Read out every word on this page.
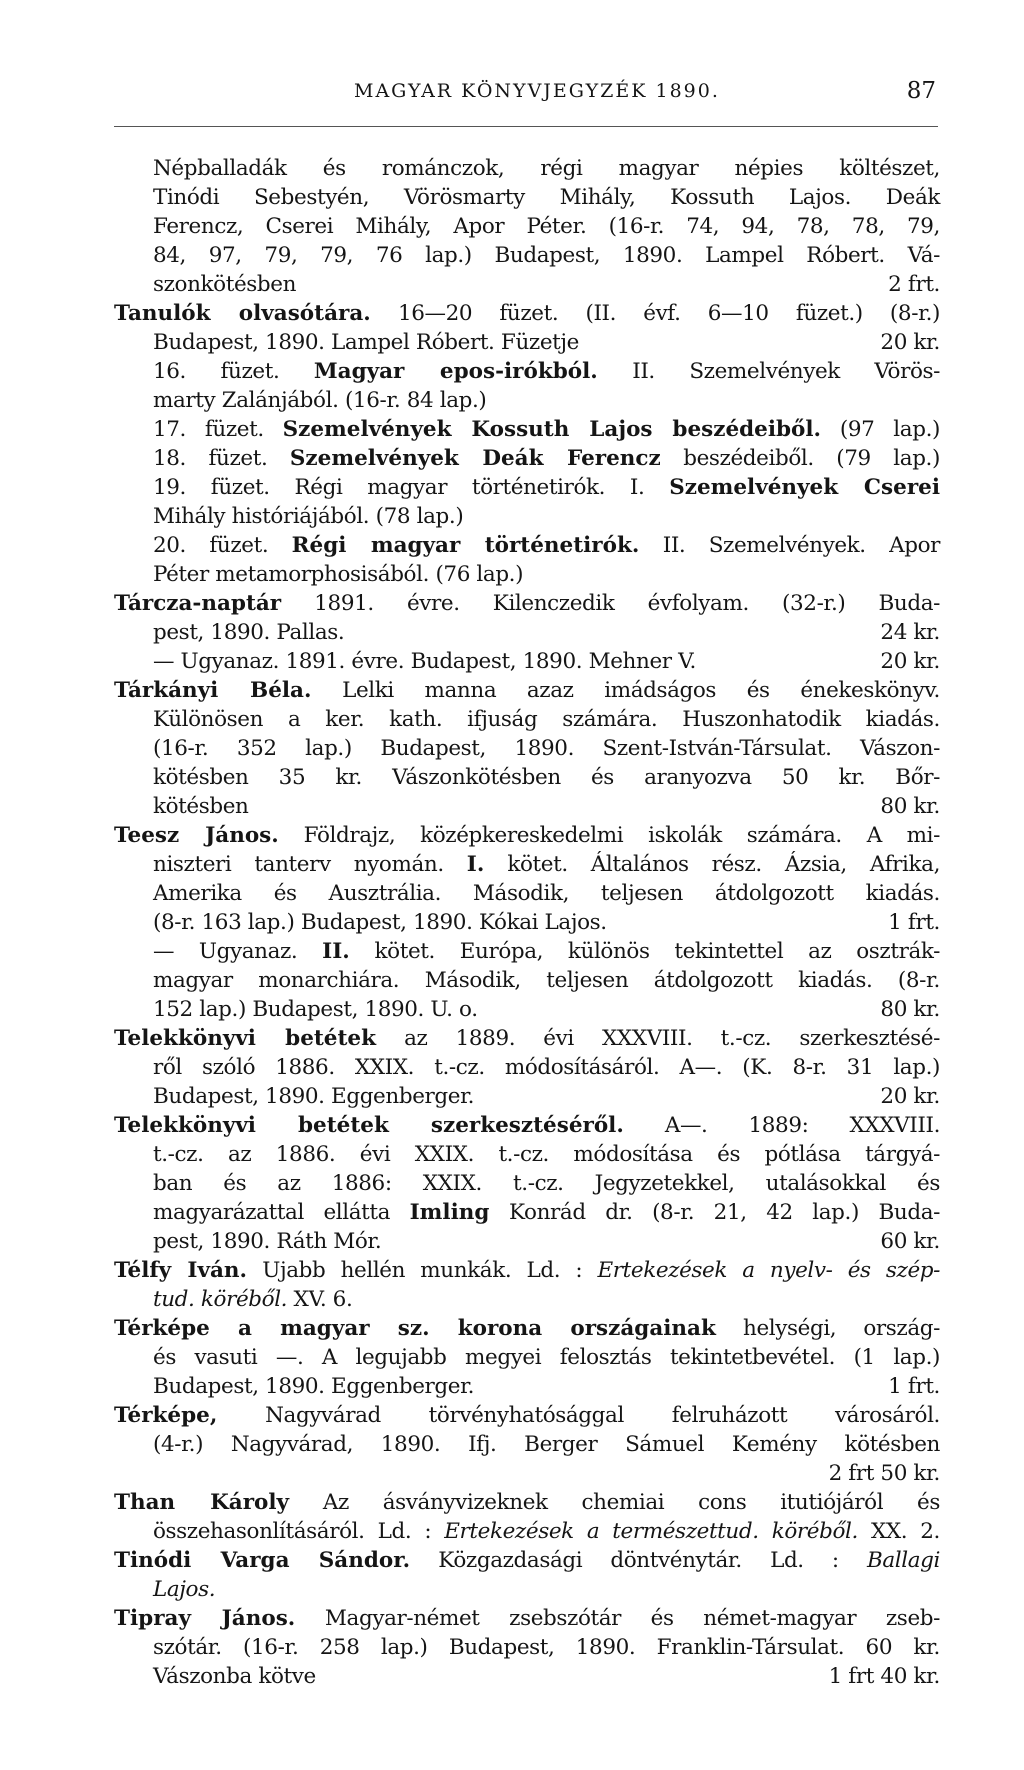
MAGYAR KÖNYVJEGYZÉK 1890.	87
Népballadák és románczok, régi magyar népies költészet,
Tinódi Sebestyén, Vörösmarty Mihály, Kossuth Lajos. Deák
Ferencz, Cserei Mihály, Apor Péter. (16-r. 74, 94, 78, 78, 79,
84, 97, 79, 79, 76 lap.) Budapest, 1890. Lampel Róbert. Vá-
2 frt.
szonkötésben
Tanulók olvasótára. 16—20 füzet. (II. évf. 6—10 füzet.) (8-r.)
20 kr.
Budapest, 1890. Lampel Róbert. Füzetje
16. füzet. Magyar epos-irókból. II. Szemelvények Vörös-
marty Zalánjából. (16-r. 84 lap.)
17. füzet. Szemelvények Kossuth Lajos beszédeiből. (97 lap.)
18. füzet. Szemelvények Deák Ferencz beszédeiből. (79 lap.)
19. füzet. Régi magyar történetirók. I. Szemelvények Cserei
Mihály históriájából. (78 lap.)
20. füzet. Régi magyar történetirók. II. Szemelvények. Apor
Péter metamorphosisából. (76 lap.)
Tárcza-naptár 1891. évre. Kilenczedik évfolyam. (32-r.) Buda-
24 kr.
pest, 1890. Pallas.
20 kr.
— Ugyanaz. 1891. évre. Budapest, 1890. Mehner V.
Tárkányi Béla. Lelki manna azaz imádságos és énekeskönyv.
Különösen a ker. kath. ifjuság számára. Huszonhatodik kiadás.
(16-r. 352 lap.) Budapest, 1890. Szent-István-Társulat. Vászon-
kötésben 35 kr. Vászonkötésben és aranyozva 50 kr. Bőr-
80 kr.
kötésben
Teesz János. Földrajz, középkereskedelmi iskolák számára. A mi-
niszteri tanterv nyomán. I. kötet. Általános rész. Ázsia, Afrika,
Amerika és Ausztrália. Második, teljesen átdolgozott kiadás.
1 frt.
(8-r. 163 lap.) Budapest, 1890. Kókai Lajos.
— Ugyanaz. II. kötet. Európa, különös tekintettel az osztrák-
magyar monarchiára. Második, teljesen átdolgozott kiadás. (8-r.
80 kr.
152 lap.) Budapest, 1890. U. o.
Telekkönyvi betétek az 1889. évi XXXVIII. t.-cz. szerkesztésé-
ről szóló 1886. XXIX. t.-cz. módosításáról. A—. (K. 8-r. 31 lap.)
20 kr.
Budapest, 1890. Eggenberger.
Telekkönyvi betétek szerkesztéséről. A—. 1889: XXXVIII.
t.-cz. az 1886. évi XXIX. t.-cz. módosítása és pótlása tárgyá-
ban és az 1886: XXIX. t.-cz. Jegyzetekkel, utalásokkal és
magyarázattal ellátta Imling Konrád dr. (8-r. 21, 42 lap.) Buda-
60 kr.
pest, 1890. Ráth Mór.
Télfy Iván. Ujabb hellén munkák. Ld. : Ertekezések a nyelv- és szép-
tud. köréből. XV. 6.
Térképe a magyar sz. korona országainak helységi, ország-
és vasuti —. A legujabb megyei felosztás tekintetbevétel. (1 lap.)
1 frt.
Budapest, 1890. Eggenberger.
Térképe, Nagyvárad törvényhatósággal felruházott városáról.
(4-r.) Nagyvárad, 1890. Ifj. Berger Sámuel Kemény kötésben
2 frt 50 kr.
Than Károly Az ásványvizeknek chemiai cons itutiójáról és
összehasonlításáról. Ld. : Ertekezések a természettud. köréből. XX. 2.
Tinódi Varga Sándor. Közgazdasági döntvénytár. Ld. : Ballagi
Lajos.
Tipray János. Magyar-német zsebszótár és német-magyar zseb-
szótár. (16-r. 258 lap.) Budapest, 1890. Franklin-Társulat. 60 kr.
1 frt 40 kr.
Vászonba kötve
